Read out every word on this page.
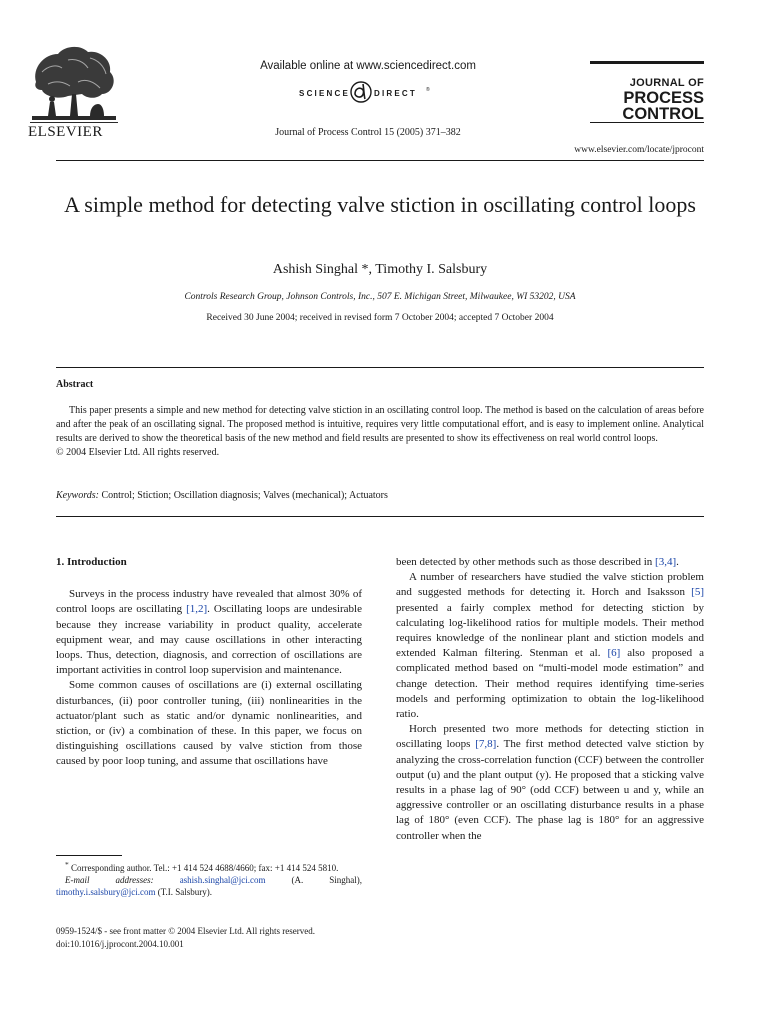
ELSEVIER
Available online at www.sciencedirect.com
SCIENCE	DIRECT ®
Journal of Process Control 15 (2005) 371–382
JOURNAL OF
PROCESS
CONTROL
www.elsevier.com/locate/jprocont
A simple method for detecting valve stiction in oscillating control loops
Ashish Singhal *, Timothy I. Salsbury
Controls Research Group, Johnson Controls, Inc., 507 E. Michigan Street, Milwaukee, WI 53202, USA
Received 30 June 2004; received in revised form 7 October 2004; accepted 7 October 2004
Abstract

This paper presents a simple and new method for detecting valve stiction in an oscillating control loop. The method is based on the calculation of areas before and after the peak of an oscillating signal. The proposed method is intuitive, requires very little computational effort, and is easy to implement online. Analytical results are derived to show the theoretical basis of the new method and field results are presented to show its effectiveness on real world control loops.

© 2004 Elsevier Ltd. All rights reserved.

Keywords: Control; Stiction; Oscillation diagnosis; Valves (mechanical); Actuators

1. Introduction

Surveys in the process industry have revealed that almost 30% of control loops are oscillating [1,2]. Oscillating loops are undesirable because they increase variability in product quality, accelerate equipment wear, and may cause oscillations in other interacting loops. Thus, detection, diagnosis, and correction of oscillations are important activities in control loop supervision and maintenance.

Some common causes of oscillations are (i) external oscillating disturbances, (ii) poor controller tuning, (iii) nonlinearities in the actuator/plant such as static and/or dynamic nonlinearities, and stiction, or (iv) a combination of these. In this paper, we focus on distinguishing oscillations caused by valve stiction from those caused by poor loop tuning, and assume that oscillations have

been detected by other methods such as those described in [3,4].

A number of researchers have studied the valve stiction problem and suggested methods for detecting it. Horch and Isaksson [5] presented a fairly complex method for detecting stiction by calculating log-likelihood ratios for multiple models. Their method requires knowledge of the nonlinear plant and stiction models and extended Kalman filtering. Stenman et al. [6] also proposed a complicated method based on “multi-model mode estimation” and change detection. Their method requires identifying time-series models and performing optimization to obtain the log-likelihood ratio.

Horch presented two more methods for detecting stiction in oscillating loops [7,8]. The first method detected valve stiction by analyzing the cross-correlation function (CCF) between the controller output (u) and the plant output (y). He proposed that a sticking valve results in a phase lag of 90° (odd CCF) between u and y, while an aggressive controller or an oscillating disturbance results in a phase lag of 180° (even CCF). The phase lag is 180° for an aggressive controller when the

* Corresponding author. Tel.: +1 414 524 4688/4660; fax: +1 414 524 5810.

E-mail addresses:	ashish.singhal@jci.com (A. Singhal), timothy.i.salsbury@jci.com (T.I. Salsbury).

0959-1524/$ - see front matter © 2004 Elsevier Ltd. All rights reserved.

doi:10.1016/j.jprocont.2004.10.001
